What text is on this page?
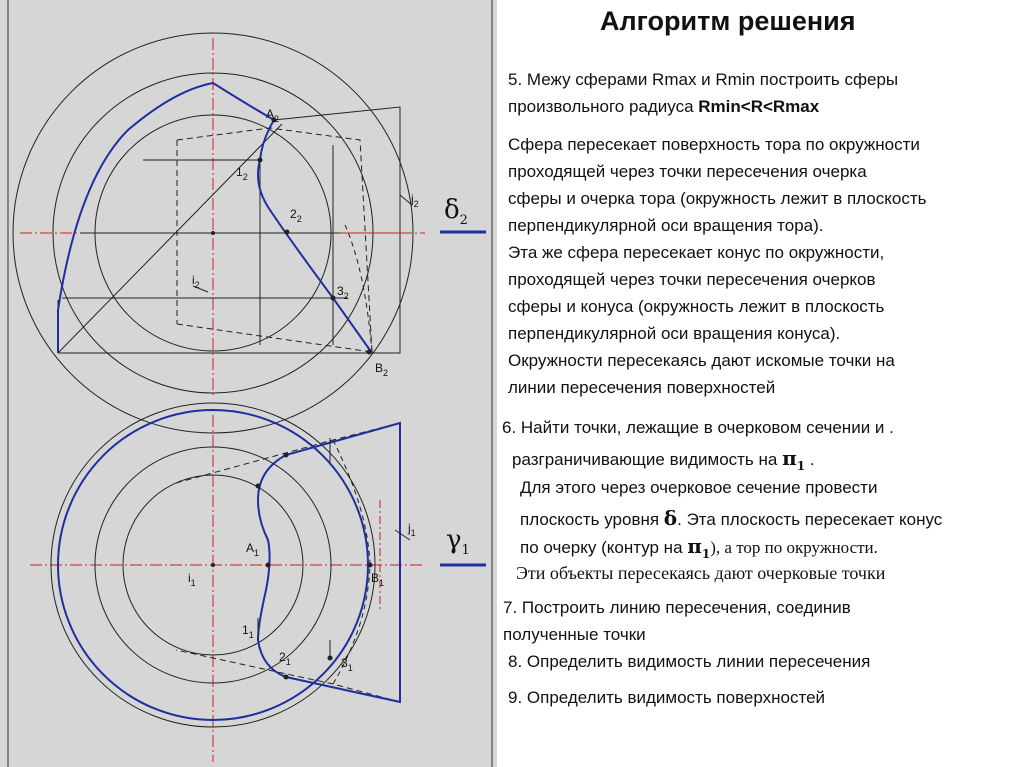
$A_2$
$1_2$
$2_2$
$3_2$
$B_2$
$i_2$
$j_2$ $\delta_2$
$A_1$
$i_1$	$B_1$
$j_1$
$1_1$
$2_1$	$3_1$
$\gamma_1$
Алгоритм решения
5. Межу сферами Rmax и Rmin построить сферы
произвольного радиуса Rmin<R<Rmax
Сфера пересекает поверхность тора по окружности
проходящей через точки пересечения очерка
сферы и очерка тора (окружность лежит в плоскость
перпендикулярной оси вращения тора).
Эта же сфера пересекает конус по окружности,
проходящей через точки пересечения очерков
сферы и конуса (окружность лежит в плоскость
перпендикулярной оси вращения конуса).
Окружности пересекаясь дают искомые точки на
линии пересечения поверхностей
6. Найти точки, лежащие в очерковом сечении и .
разграничивающие видимость на $\pi_1$ .
Для этого через очерковое сечение провести
плоскость уровня δ. Эта плоскость пересекает конус
по очерку (контур на $\pi_1$), а тор по окружности.
Эти объекты пересекаясь дают очерковые точки
7. Построить линию пересечения, соединив
полученные точки
8. Определить видимость линии пересечения
9. Определить видимость поверхностей
